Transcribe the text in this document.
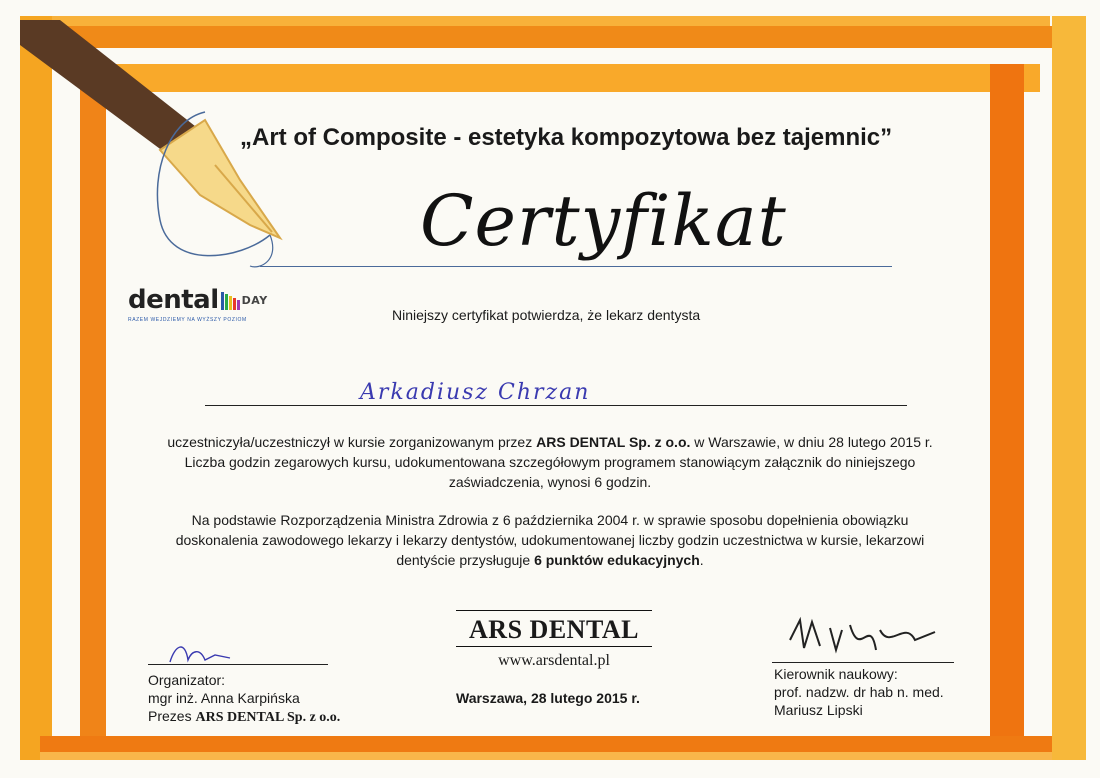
„Art of Composite - estetyka kompozytowa bez tajemnic”
Certyfikat
dental DAY
RAZEM WEJDZIEMY NA WYŻSZY POZIOM	Niniejszy certyfikat potwierdza, że lekarz dentysta
Arkadiusz Chrzan
uczestniczyła/uczestniczył w kursie zorganizowanym przez ARS DENTAL Sp. z o.o. w Warszawie, w dniu 28 lutego 2015 r.
Liczba godzin zegarowych kursu, udokumentowana szczegółowym programem stanowiącym załącznik do niniejszego
zaświadczenia, wynosi 6 godzin.
Na podstawie Rozporządzenia Ministra Zdrowia z 6 października 2004 r. w sprawie sposobu dopełnienia obowiązku
doskonalenia zawodowego lekarzy i lekarzy dentystów, udokumentowanej liczby godzin uczestnictwa w kursie, lekarzowi
dentyście przysługuje 6 punktów edukacyjnych.
Organizator:
mgr inż. Anna Karpińska
Prezes ARS DENTAL Sp. z o.o.
ARS DENTAL
www.arsdental.pl
Warszawa, 28 lutego 2015 r.
Kierownik naukowy:
prof. nadzw. dr hab n. med.
Mariusz Lipski
